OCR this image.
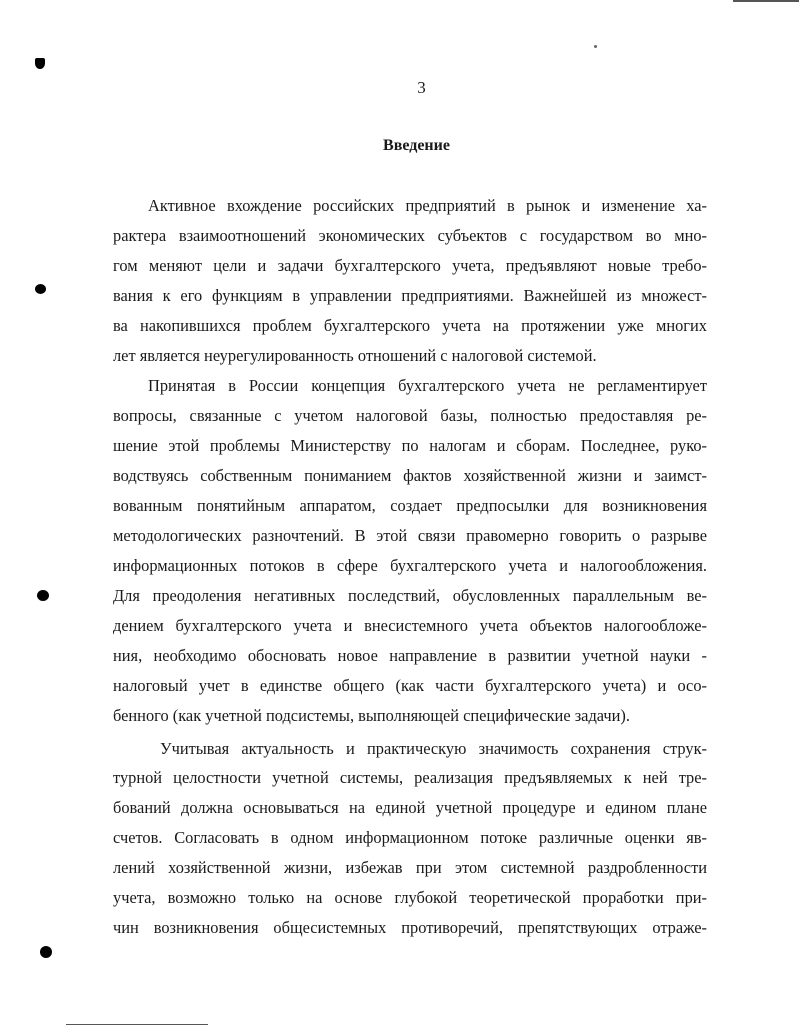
3
Введение
Активное вхождение российских предприятий в рынок и изменение ха-
рактера взаимоотношений экономических субъектов с государством во мно-
гом меняют цели и задачи бухгалтерского учета, предъявляют новые требо-
вания к его функциям в управлении предприятиями. Важнейшей из множест-
ва накопившихся проблем бухгалтерского учета на протяжении уже многих
лет является неурегулированность отношений с налоговой системой.
Принятая в России концепция бухгалтерского учета не регламентирует
вопросы, связанные с учетом налоговой базы, полностью предоставляя ре-
шение этой проблемы Министерству по налогам и сборам. Последнее, руко-
водствуясь собственным пониманием фактов хозяйственной жизни и заимст-
вованным понятийным аппаратом, создает предпосылки для возникновения
методологических разночтений. В этой связи правомерно говорить о разрыве
информационных потоков в сфере бухгалтерского учета и налогообложения.
Для преодоления негативных последствий, обусловленных параллельным ве-
дением бухгалтерского учета и внесистемного учета объектов налогообложе-
ния, необходимо обосновать новое направление в развитии учетной науки -
налоговый учет в единстве общего (как части бухгалтерского учета) и осо-
бенного (как учетной подсистемы, выполняющей специфические задачи).
Учитывая актуальность и практическую значимость сохранения струк-
турной целостности учетной системы, реализация предъявляемых к ней тре-
бований должна основываться на единой учетной процедуре и едином плане
счетов. Согласовать в одном информационном потоке различные оценки яв-
лений хозяйственной жизни, избежав при этом системной раздробленности
учета, возможно только на основе глубокой теоретической проработки при-
чин возникновения общесистемных противоречий, препятствующих отраже-
